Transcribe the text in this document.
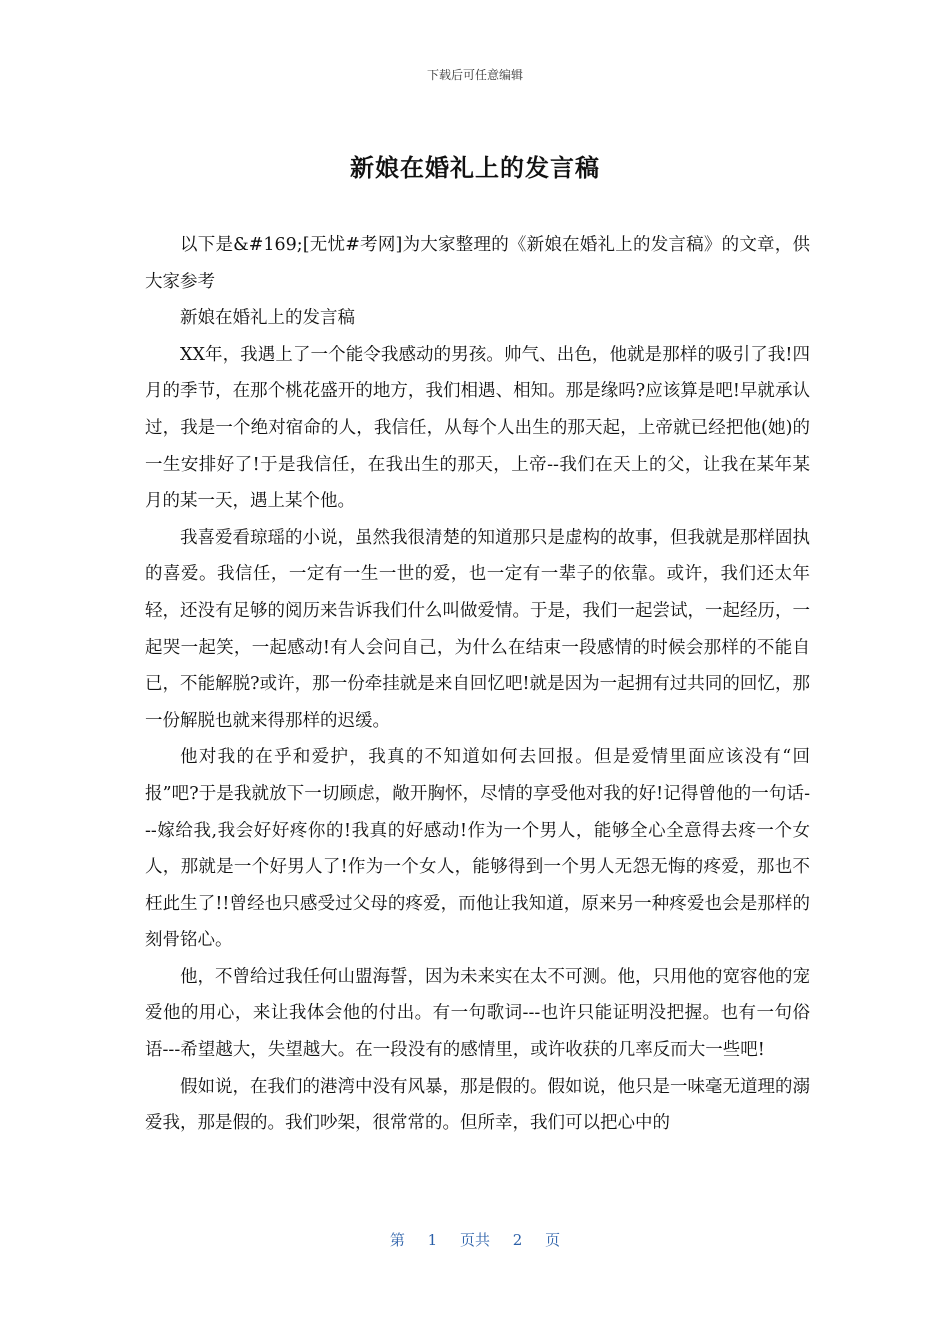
下载后可任意编辑
新娘在婚礼上的发言稿

以下是&#169;[无忧#考网]为大家整理的《新娘在婚礼上的发言稿》的文章，供大家参考

新娘在婚礼上的发言稿

XX年，我遇上了一个能令我感动的男孩。帅气、出色，他就是那样的吸引了我!四月的季节，在那个桃花盛开的地方，我们相遇、相知。那是缘吗?应该算是吧!早就承认过，我是一个绝对宿命的人，我信任，从每个人出生的那天起，上帝就已经把他(她)的一生安排好了!于是我信任，在我出生的那天，上帝--我们在天上的父，让我在某年某月的某一天，遇上某个他。

我喜爱看琼瑶的小说，虽然我很清楚的知道那只是虚构的故事，但我就是那样固执的喜爱。我信任，一定有一生一世的爱，也一定有一辈子的依靠。或许，我们还太年轻，还没有足够的阅历来告诉我们什么叫做爱情。于是，我们一起尝试，一起经历，一起哭一起笑，一起感动!有人会问自己，为什么在结束一段感情的时候会那样的不能自已，不能解脱?或许，那一份牵挂就是来自回忆吧!就是因为一起拥有过共同的回忆，那一份解脱也就来得那样的迟缓。

他对我的在乎和爱护，我真的不知道如何去回报。但是爱情里面应该没有“回报”吧?于是我就放下一切顾虑，敞开胸怀，尽情的享受他对我的好!记得曾他的一句话---嫁给我,我会好好疼你的!我真的好感动!作为一个男人，能够全心全意得去疼一个女人，那就是一个好男人了!作为一个女人，能够得到一个男人无怨无悔的疼爱，那也不枉此生了!!曾经也只感受过父母的疼爱，而他让我知道，原来另一种疼爱也会是那样的刻骨铭心。

他，不曾给过我任何山盟海誓，因为未来实在太不可测。他，只用他的宽容他的宠爱他的用心，来让我体会他的付出。有一句歌词---也许只能证明没把握。也有一句俗语---希望越大，失望越大。在一段没有的感情里，或许收获的几率反而大一些吧!

假如说，在我们的港湾中没有风暴，那是假的。假如说，他只是一味毫无道理的溺爱我，那是假的。我们吵架，很常常的。但所幸，我们可以把心中的

第 1 页共 2 页
